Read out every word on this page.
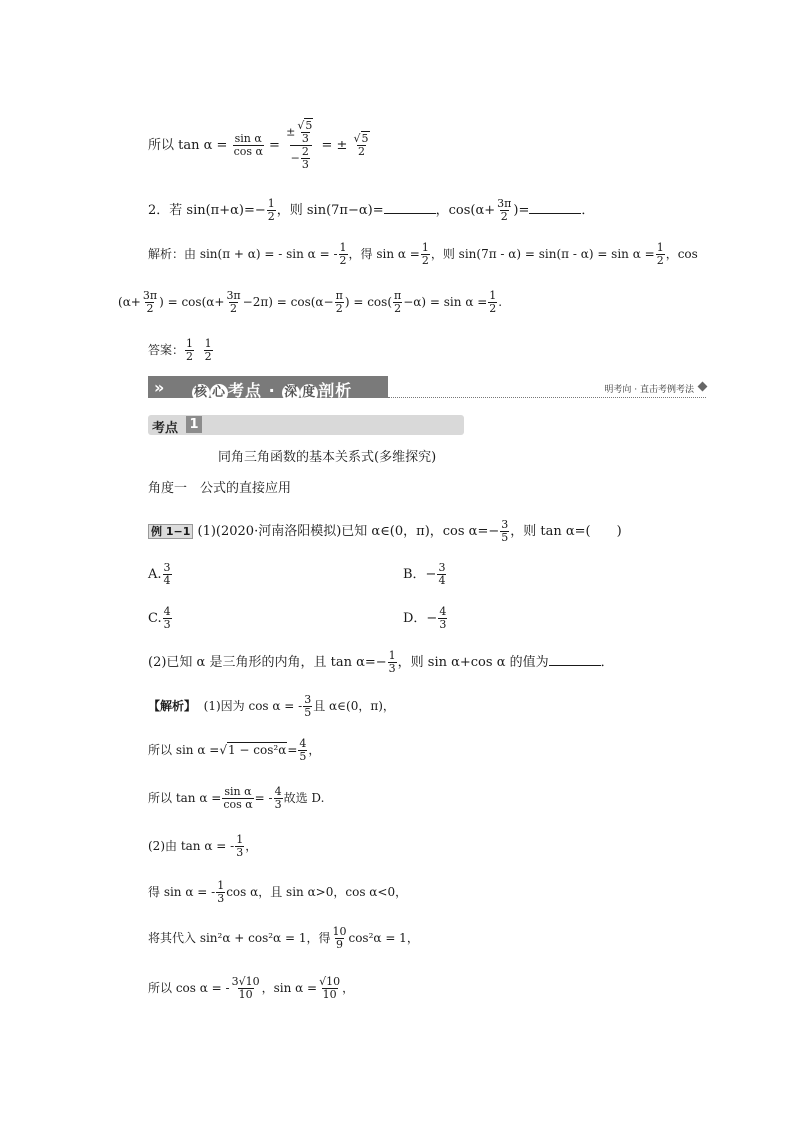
所以 $\tan \alpha = \frac{\text{sin α}}{\text{cos α}} = \frac{\pm \frac{√5}{3}}{- \frac{2}{3}}$ = ± $\frac{√5}{2}$
2．若 $\sin(\pi+\alpha)=- \frac{1}{2}$ ，则 sin(7π−α)=	，$\cos(\alpha+ \frac{3\pi}{2}$ )=	．
解析：由 sin(π + α) = - sin α = - $\frac{1}{2}$ ，得 $\sin \alpha = \frac{1}{2}$ ，则 $\sin(7\pi - \alpha) = \sin(\pi - \alpha) = \sin \alpha = \frac{1}{2}$ ，cos
($\alpha+ \frac{3\pi}{2}$ ) = $\cos(\alpha+ \frac{3\pi}{2} -2\pi) = \cos(\alpha- \frac{\pi}{2}$ ) = $\cos( \frac{\pi}{2} -\alpha) = \sin \alpha = \frac{1}{2}$ .
答案： $\frac{1}{2}$
$\frac{1}{2}$
» 核 心 考点 · 深 度 剖析	明考向 · 直击考例考法
考点 1
同角三角函数的基本关系式(多维探究)
角度一　公式的直接应用
例 1−1 (1)(2020·河南洛阳模拟)已知 α∈(0，π)，$\cos \alpha=- \frac{3}{5}$ ，则 tan α=(　　)
A. $\frac{3}{4}$	B．− $\frac{3}{4}$
C. $\frac{4}{3}$	D．− $\frac{4}{3}$
(2)已知 α 是三角形的内角，且 $\tan \alpha=- \frac{1}{3}$ ，则 sin α+cos α 的值为	．
【解析】 (1)因为 cos α = - $\frac{3}{5}$ 且 α∈(0，π)，
所以 $\sin \alpha =√1 - \cos^2\alpha= \frac{4}{5}$ ，
所以 $\tan \alpha = \frac{\text{sin α}}{\text{cos α}}$ = - $\frac{4}{3}$ 故选 D.
(2)由 tan α = - $\frac{1}{3}$ ，
得 sin α = - $\frac{1}{3}$ cos α，且 sin α>0，cos α<0，
将其代入 sin²α + cos²α = 1，得 $\frac{10}{9} \cos^2\alpha = 1$，
所以 cos α = - $\frac{3√10}{10}$ ，$\sin \alpha = \frac{√10}{10}$ ，
